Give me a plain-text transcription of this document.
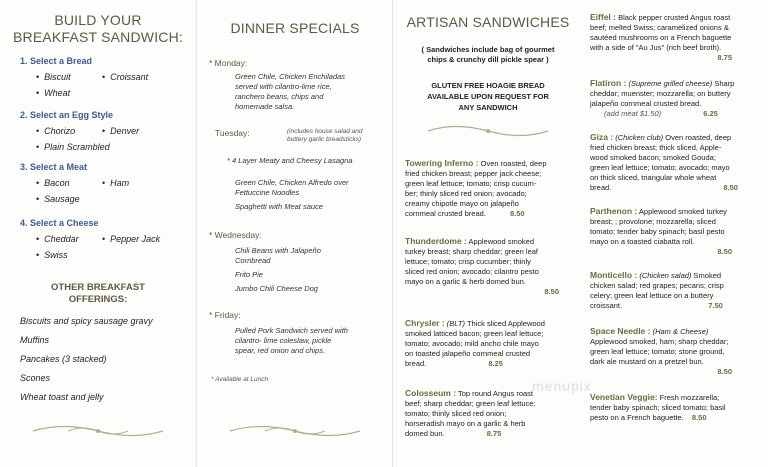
BUILD YOUR
BREAKFAST SANDWICH:
1. Select a Bread
• Biscuit	• Croissant
• Wheat
2. Select an Egg Style
• Chorizo	• Denver
• Plain Scrambled
3. Select a Meat
• Bacon	• Ham
• Sausage
4. Select a Cheese
• Cheddar	• Pepper Jack
• Swiss
OTHER BREAKFAST
OFFERINGS:
Biscuits and spicy sausage gravy
Muffins
Pancakes (3 stacked)
Scones
Wheat toast and jelly
DINNER SPECIALS
* Monday:
Green Chile, Chicken Enchiladas
served with cilantro-lime rice,
ranchero beans, chips and
homemade salsa.
Tuesday:	(includes house salad and
buttery garlic breadsticks)
* 4 Layer Meaty and Cheesy Lasagna
Green Chile, Chicken Alfredo over
Fettuccine Noodles
Spaghetti with Meat sauce
* Wednesday:
Chili Beans with Jalapeño
Cornbread
Frito Pie
Jumbo Chili Cheese Dog
* Friday:
Pulled Pork Sandwich served with
cilantro- lime coleslaw, pickle
spear, red onion and chips.
* Available at Lunch
ARTISAN SANDWICHES
( Sandwiches include bag of gourmet
chips & crunchy dill pickle spear )
GLUTEN FREE HOAGIE BREAD
AVAILABLE UPON REQUEST FOR
ANY SANDWICH
Towering Inferno : Oven roasted, deep
fried chicken breast; pepper jack cheese;
green leaf lettuce; tomato; crisp cucum-
ber; thinly sliced red onion; avocado;
creamy chipotle mayo on jalapeño
cornmeal crusted bread.	8.50
Thunderdome : Applewood smoked
turkey breast; sharp cheddar; green leaf
lettuce; tomato; crisp cucumber; thinly
sliced red onion; avocado; cilantro pesto
mayo on a garlic & herb domed bun.
8.50
Chrysler : (BLT) Thick sliced Applewood
smoked latticed bacon; green leaf lettuce;
tomato; avocado; mild ancho chile mayo
on toasted jalapeño cornmeal crusted
bread.	8.25
Colosseum : Top round Angus roast
beef; sharp cheddar; green leaf lettuce;
tomato; thinly sliced red onion;
horseradish mayo on a garlic & herb
domed bun.	8.75
Eiffel : Black pepper crusted Angus roast
beef; melted Swiss; caramelized onions &
sautéed mushrooms on a French baguette
with a side of "Au Jus" (rich beef broth).
8.75
Flatiron : (Supreme grilled cheese) Sharp
cheddar; muenster; mozzarella; on buttery
jalapeño cornmeal crusted bread.
(add meat $1.50)	6.25
Giza : (Chicken club) Oven roasted, deep
fried chicken breast; thick sliced, Apple-
wood smoked bacon; smoked Gouda;
green leaf lettuce; tomato; avocado; mayo
on thick sliced, triangular whole wheat
bread.	8.50
Parthenon : Applewood smoked turkey
breast; ; provolone; mozzarella; sliced
tomato; tender baby spinach; basil pesto
mayo on a toasted ciabatta roll.
8.50
Monticello : (Chicken salad) Smoked
chicken salad; red grapes; pecans; crisp
celery; green leaf lettuce on a buttery
croissant.	7.50
Space Needle : (Ham & Cheese)
Applewood smoked, ham; sharp cheddar;
green leaf lettuce; tomato; stone ground,
dark ale mustard on a pretzel bun.
8.50
Venetian Veggie: Fresh mozzarella;
tender baby spinach; sliced tomato; basil
pesto on a French baguette. 8.50
menupix
